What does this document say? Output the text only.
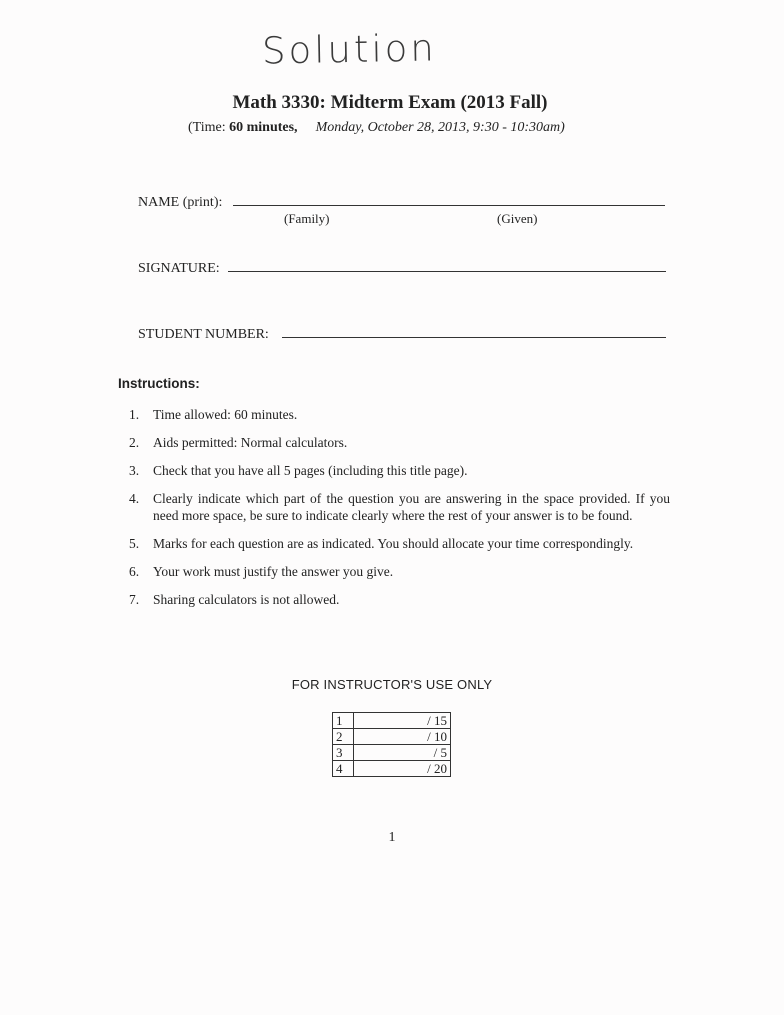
Solution
Math 3330: Midterm Exam (2013 Fall)
(Time: 60 minutes, Monday, October 28, 2013, 9:30 - 10:30am)
NAME (print):
(Family)	(Given)
SIGNATURE:
STUDENT NUMBER:
Instructions:
1. Time allowed: 60 minutes.
2. Aids permitted: Normal calculators.
3. Check that you have all 5 pages (including this title page).
4. Clearly indicate which part of the question you are answering in the space provided. If you need more space, be sure to indicate clearly where the rest of your answer is to be found.
5. Marks for each question are as indicated. You should allocate your time correspondingly.
6. Your work must justify the answer you give.
7. Sharing calculators is not allowed.
FOR INSTRUCTOR'S USE ONLY
1	/ 15
2	/ 10
3	/ 5
4	/ 20
1
